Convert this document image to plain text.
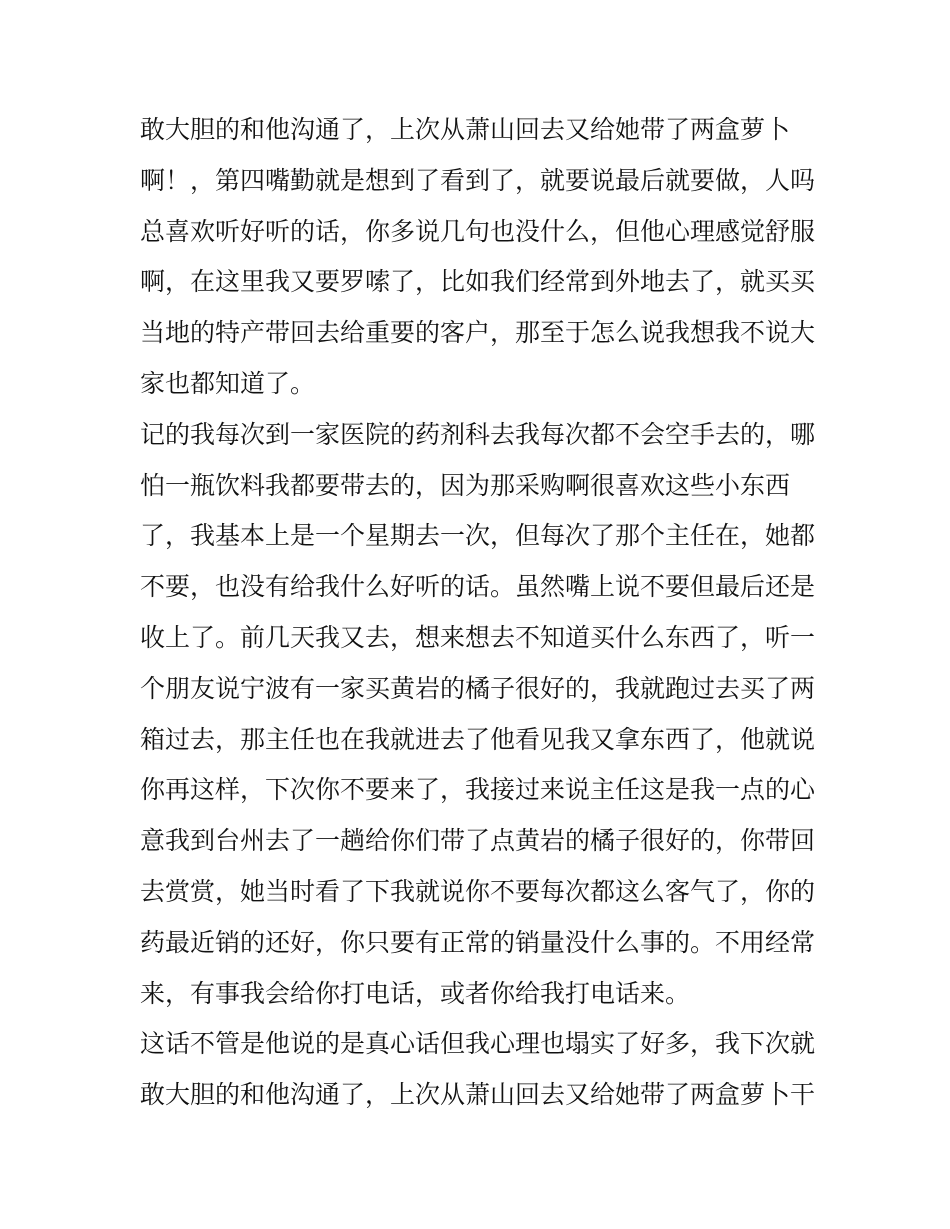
敢大胆的和他沟通了，上次从萧山回去又给她带了两盒萝卜
啊！，第四嘴勤就是想到了看到了，就要说最后就要做，人吗
总喜欢听好听的话，你多说几句也没什么，但他心理感觉舒服
啊，在这里我又要罗嗦了，比如我们经常到外地去了，就买买
当地的特产带回去给重要的客户，那至于怎么说我想我不说大
家也都知道了。
记的我每次到一家医院的药剂科去我每次都不会空手去的，哪
怕一瓶饮料我都要带去的，因为那采购啊很喜欢这些小东西
了，我基本上是一个星期去一次，但每次了那个主任在，她都
不要，也没有给我什么好听的话。虽然嘴上说不要但最后还是
收上了。前几天我又去，想来想去不知道买什么东西了，听一
个朋友说宁波有一家买黄岩的橘子很好的，我就跑过去买了两
箱过去，那主任也在我就进去了他看见我又拿东西了，他就说
你再这样，下次你不要来了，我接过来说主任这是我一点的心
意我到台州去了一趟给你们带了点黄岩的橘子很好的，你带回
去赏赏，她当时看了下我就说你不要每次都这么客气了，你的
药最近销的还好，你只要有正常的销量没什么事的。不用经常
来，有事我会给你打电话，或者你给我打电话来。
这话不管是他说的是真心话但我心理也塌实了好多，我下次就
敢大胆的和他沟通了，上次从萧山回去又给她带了两盒萝卜干
